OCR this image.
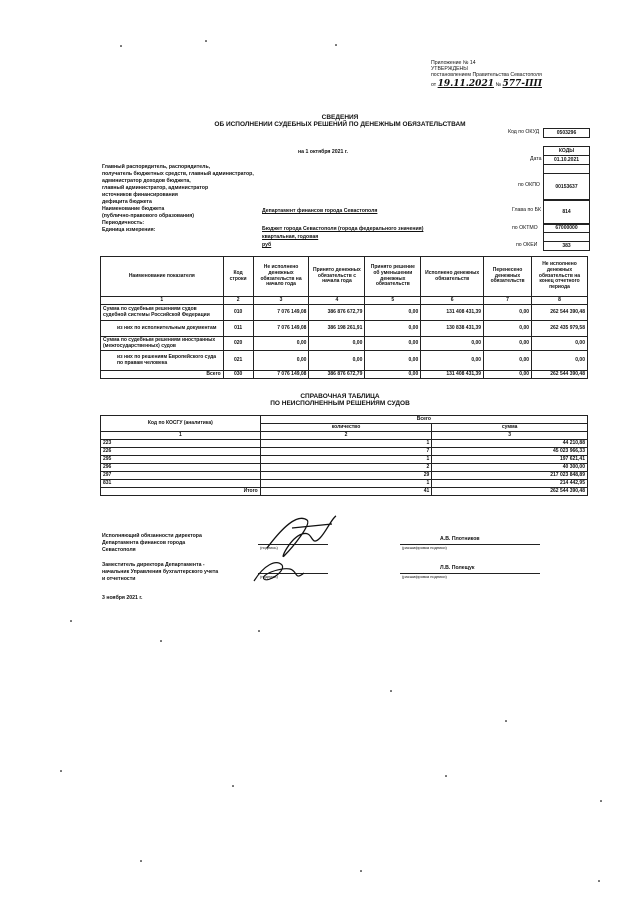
Приложение № 14
УТВЕРЖДЕНЫ
постановлением Правительства Севастополя
от 19.11.2021 № 577-ПП
СВЕДЕНИЯ
ОБ ИСПОЛНЕНИИ СУДЕБНЫХ РЕШЕНИЙ ПО ДЕНЕЖНЫМ ОБЯЗАТЕЛЬСТВАМ
Код по ОКУД	0503296
КОДЫ
на 1 октября 2021 г.
Дата	01.10.2021
по ОКПО	00153637
Глава по БК	814
по ОКТМО	67000000
по ОКЕИ	383
Главный распорядитель, распорядитель,
получатель бюджетных средств, главный администратор,
администратор доходов бюджета,
главный администратор, администратор
источников финансирования
дефицита бюджета
Наименование бюджета
(публично-правового образования)
Периодичность:
Единица измерения:
Департамент финансов города Севастополя
Бюджет города Севастополя (города федерального значения)
квартальная, годовая
руб
Наименование показателя	Код строки	Не исполнено денежных обязательств на начало года	Принято денежных обязательств с начала года	Принято решение об уменьшении денежных обязательств	Исполнено денежных обязательств	Перенесено денежных обязательств	Не исполнено денежных обязательств на конец отчетного периода
1	2	3	4	5	6	7	8
Сумма по судебным решениям судов судебной системы Российской Федерации	010	7 076 149,08	386 876 672,79	0,00	131 408 431,39	0,00	262 544 390,48
из них по исполнительным документам	011	7 076 149,08	386 198 261,91	0,00	130 838 431,39	0,00	262 435 979,58
Сумма по судебным решениям иностранных (межгосударственных) судов	020	0,00	0,00	0,00	0,00	0,00	0,00
из них по решениям Европейского суда по правам человека	021	0,00	0,00	0,00	0,00	0,00	0,00
Всего	030	7 076 149,08	386 876 672,79	0,00	131 408 431,39	0,00	262 544 390,48
СПРАВОЧНАЯ ТАБЛИЦА
ПО НЕИСПОЛНЕННЫМ РЕШЕНИЯМ СУДОВ
Код по КОСГУ (аналитика)	Всего	
	количество	сумма
1	2	3
223	1	44 210,88
226	7	45 023 966,33
295	1	197 621,41
296	2	40 300,00
297	29	217 023 848,89
831	1	214 442,95
Итого	41	262 544 390,48
Исполняющий обязанности директора
Департамента финансов города
Севастополя	(подпись)
А.В. Плотников
(расшифровка подписи)
Заместитель директора Департамента -
начальник Управления бухгалтерского учета
и отчетности	(подпись)
Л.В. Полещук
(расшифровка подписи)
3 ноября 2021 г.
